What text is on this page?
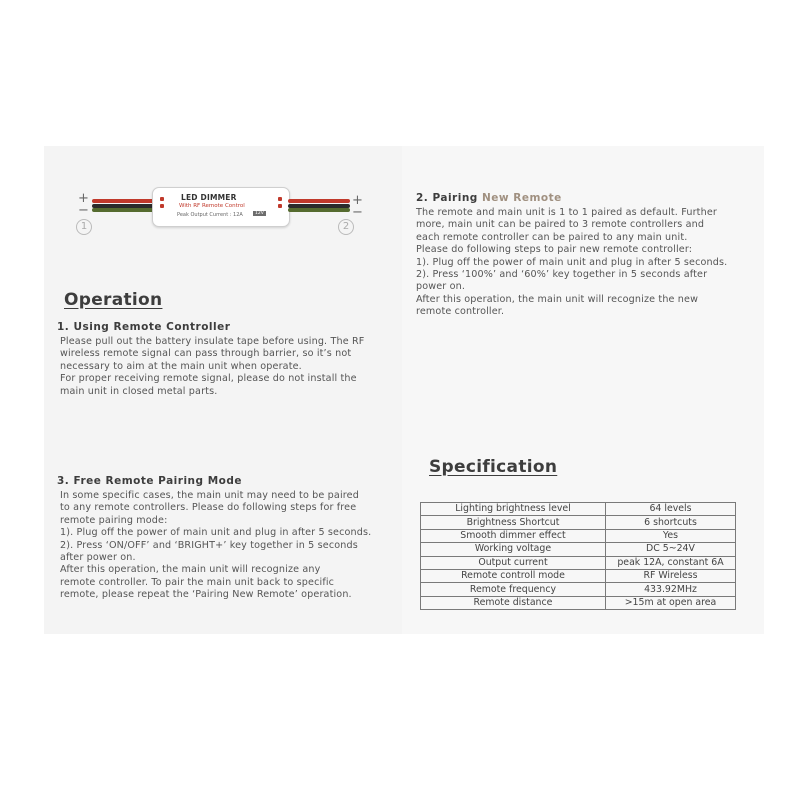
+
−
1
LED DIMMER
With RF Remote Control
Peak Output Current : 12A	12V
+
−
2
Operation
1. Using Remote Controller
Please pull out the battery insulate tape before using. The RF
wireless remote signal can pass through barrier, so it’s not
necessary to aim at the main unit when operate.
For proper receiving remote signal, please do not install the
main unit in closed metal parts.
2. Pairing New Remote
The remote and main unit is 1 to 1 paired as default. Further
more, main unit can be paired to 3 remote controllers and
each remote controller can be paired to any main unit.
Please do following steps to pair new remote controller:
1). Plug off the power of main unit and plug in after 5 seconds.
2). Press ‘100%’ and ‘60%’ key together in 5 seconds after
power on.
After this operation, the main unit will recognize the new
remote controller.
3. Free Remote Pairing Mode
In some specific cases, the main unit may need to be paired
to any remote controllers. Please do following steps for free
remote pairing mode:
1). Plug off the power of main unit and plug in after 5 seconds.
2). Press ‘ON/OFF’ and ‘BRIGHT+’ key together in 5 seconds
after power on.
After this operation, the main unit will recognize any
remote controller. To pair the main unit back to specific
remote, please repeat the ‘Pairing New Remote’ operation.
Specification
Lighting brightness level	64 levels
Brightness Shortcut	6 shortcuts
Smooth dimmer effect	Yes
Working voltage	DC 5~24V
Output current	peak 12A, constant 6A
Remote controll mode	RF Wireless
Remote frequency	433.92MHz
Remote distance	>15m at open area
